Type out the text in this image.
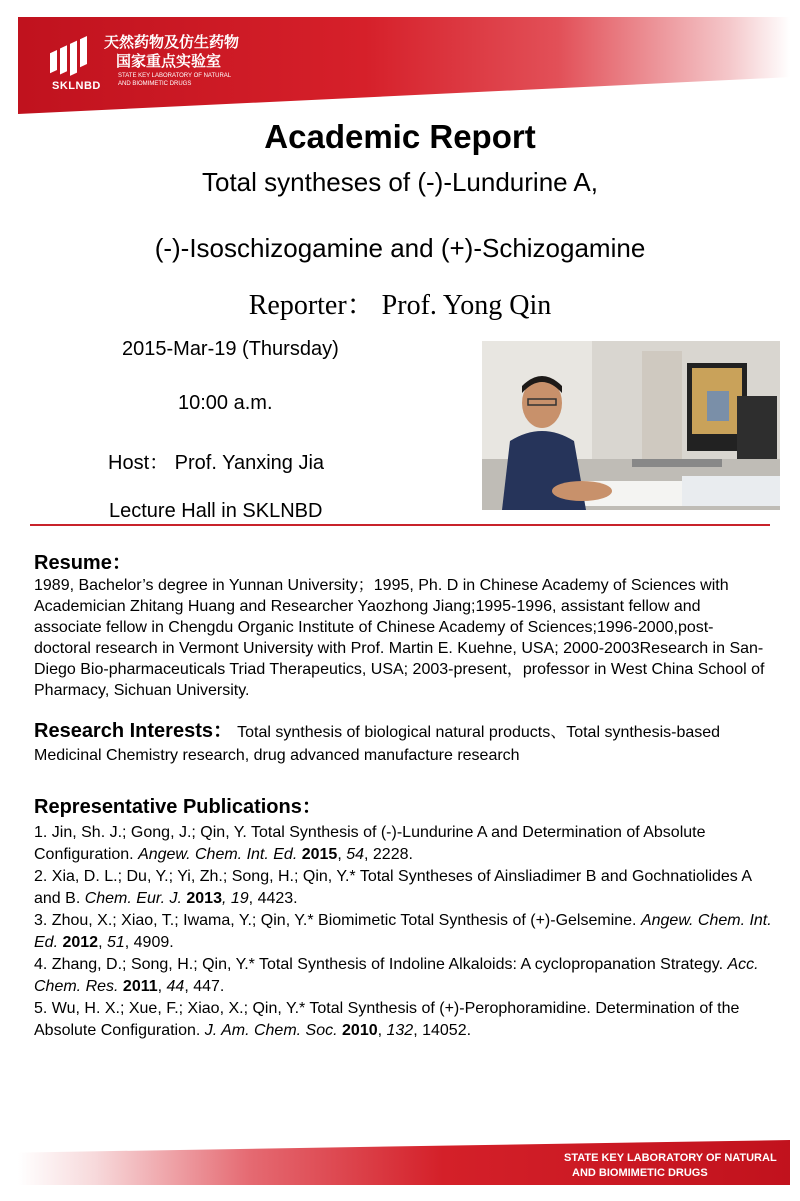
SKLNBD
天然药物及仿生药物
国家重点实验室
STATE KEY LABORATORY OF NATURAL
AND BIOMIMETIC DRUGS
Academic Report
Total syntheses of (-)-Lundurine A,
(-)-Isoschizogamine and (+)-Schizogamine
Reporter： Prof. Yong Qin
2015-Mar-19 (Thursday)
10:00 a.m.
Host： Prof. Yanxing Jia
Lecture Hall in SKLNBD
Resume：
1989, Bachelor’s degree in Yunnan University；1995, Ph. D in Chinese Academy of Sciences with Academician Zhitang Huang and Researcher Yaozhong Jiang;1995-1996, assistant fellow and associate fellow in Chengdu Organic Institute of Chinese Academy of Sciences;1996-2000,post-doctoral research in Vermont University with Prof. Martin E. Kuehne, USA; 2000-2003Research in San-Diego Bio-pharmaceuticals Triad Therapeutics, USA; 2003-present，professor in West China School of Pharmacy, Sichuan University.
Research Interests： Total synthesis of biological natural products、Total synthesis-based Medicinal Chemistry research, drug advanced manufacture research
Representative Publications：
1. Jin, Sh. J.; Gong, J.; Qin, Y. Total Synthesis of (-)-Lundurine A and Determination of Absolute Configuration. Angew. Chem. Int. Ed. 2015, 54, 2228.
2. Xia, D. L.; Du, Y.; Yi, Zh.; Song, H.; Qin, Y.* Total Syntheses of Ainsliadimer B and Gochnatiolides A and B. Chem. Eur. J. 2013, 19, 4423.
3. Zhou, X.; Xiao, T.; Iwama, Y.; Qin, Y.* Biomimetic Total Synthesis of (+)-Gelsemine. Angew. Chem. Int. Ed. 2012, 51, 4909.
4. Zhang, D.; Song, H.; Qin, Y.* Total Synthesis of Indoline Alkaloids: A cyclopropanation Strategy. Acc. Chem. Res. 2011, 44, 447.
5. Wu, H. X.; Xue, F.; Xiao, X.; Qin, Y.* Total Synthesis of (+)-Perophoramidine. Determination of the Absolute Configuration. J. Am. Chem. Soc. 2010, 132, 14052.
STATE KEY LABORATORY OF NATURAL
AND BIOMIMETIC DRUGS
